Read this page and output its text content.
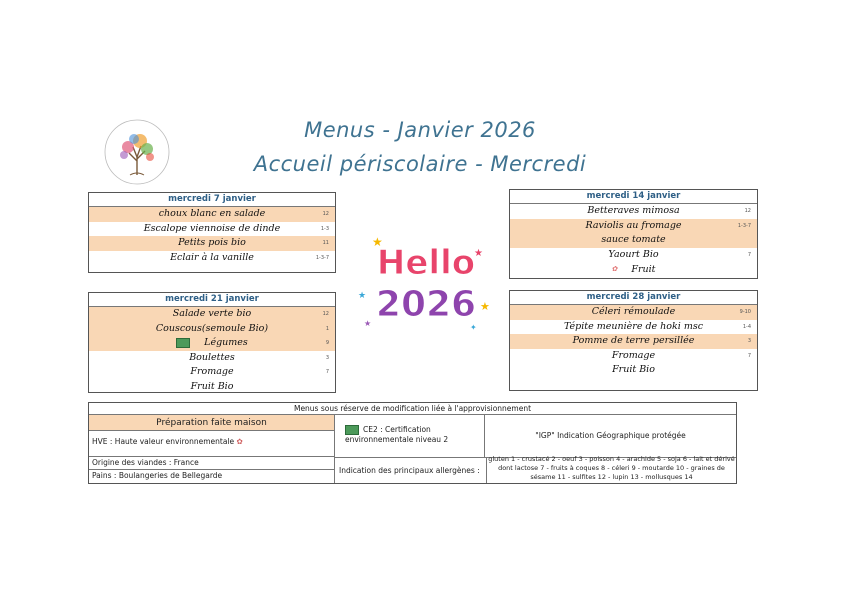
Menus - Janvier 2026
Accueil périscolaire - Mercredi
mercredi 7 janvier
choux blanc en salade	12
Escalope viennoise de dinde	1-3
Petits pois bio	11
Eclair à la vanille	1-3-7
mercredi 14 janvier
Betteraves mimosa	12
Raviolis au fromage	1-3-7
sauce tomate
Yaourt Bio	7
✿ Fruit
★
★
★
★
★	✦
Hello
2026
mercredi 21 janvier
Salade verte bio	12
Couscous(semoule Bio)	1
Légumes	9
Boulettes	3
Fromage	7
Fruit Bio
mercredi 28 janvier
Céleri rémoulade	9-10
Tépite meunière de hoki msc	1-4
Pomme de terre persillée	3
Fromage	7
Fruit Bio
Menus sous réserve de modification liée à l'approvisionnement
Préparation faite maison
HVE : Haute valeur environnementale ✿
Origine des viandes : France
Pains : Boulangeries de Bellegarde
CE2 : Certification environnementale niveau 2	"IGP" Indication Géographique protégée
Indication des principaux allergènes :
gluten 1 - crustacé 2 - oeuf 3 - poisson 4 - arachide 5 - soja 6 - lait et dérivé dont lactose 7 - fruits à coques 8 - céleri 9 - moutarde 10 - graines de sésame 11 - sulfites 12 - lupin 13 - mollusques 14
